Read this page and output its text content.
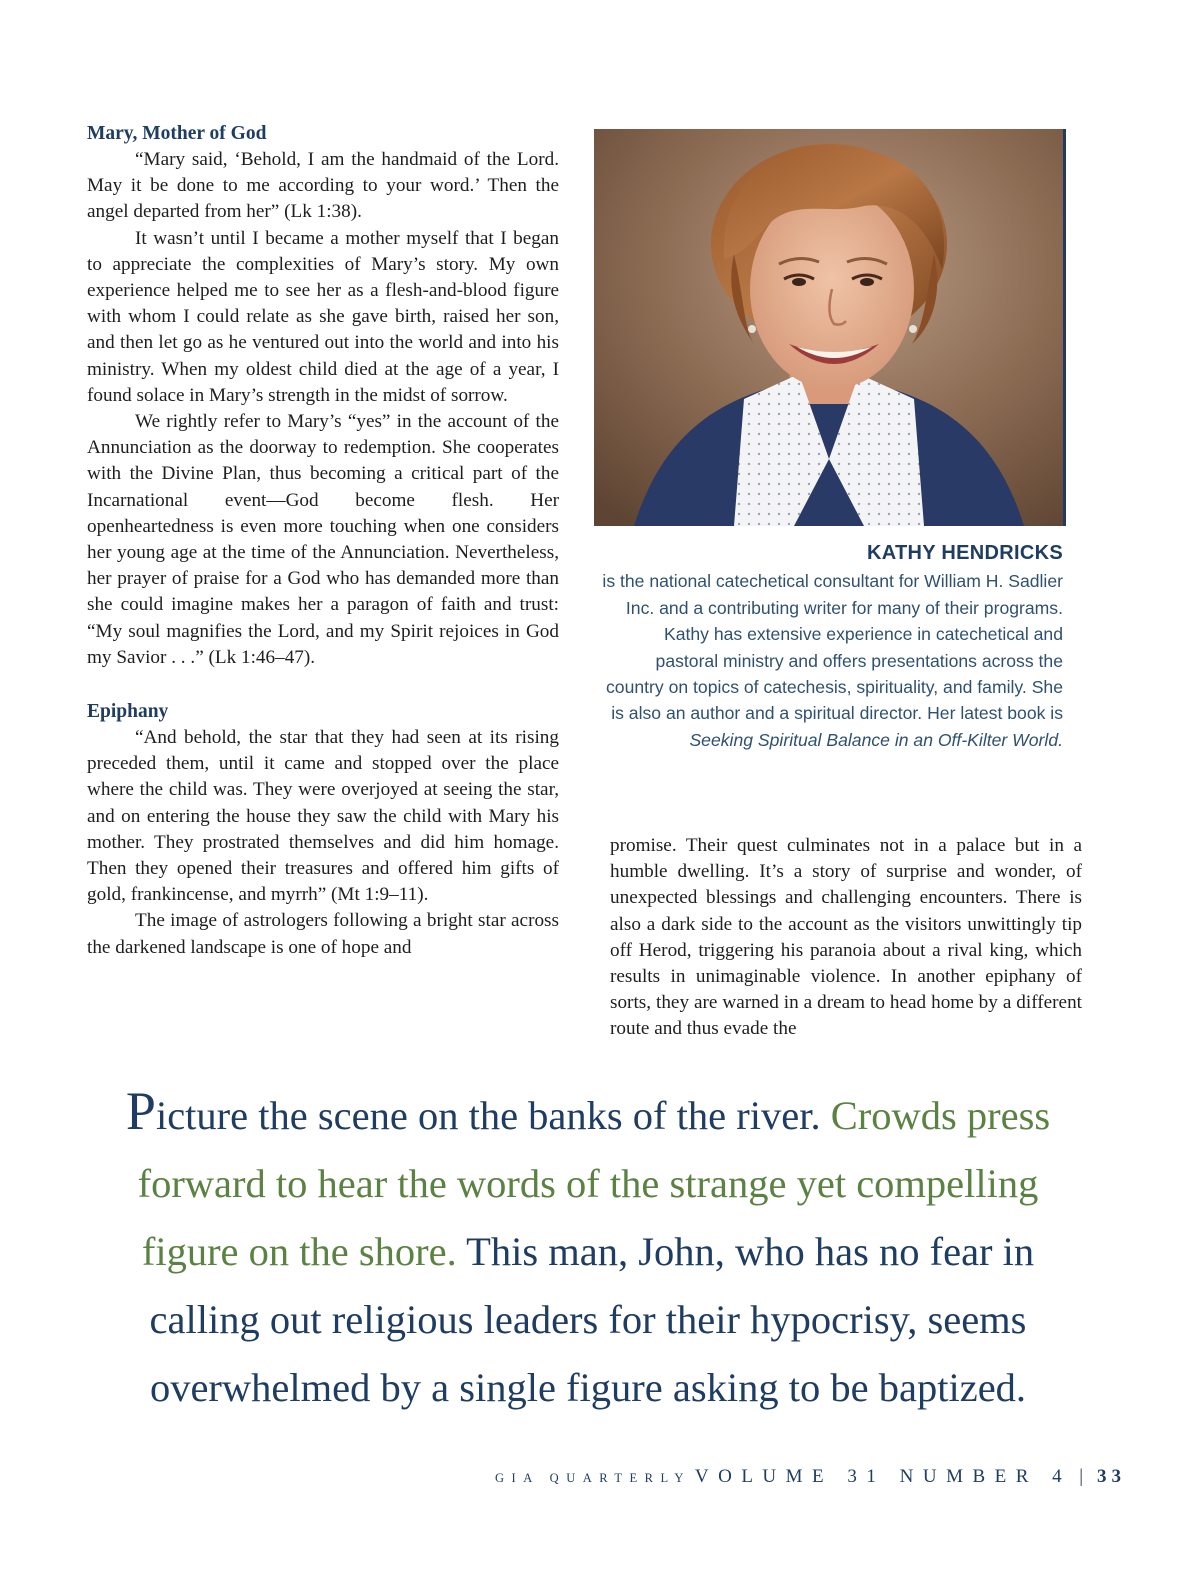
Mary, Mother of God

“Mary said, ‘Behold, I am the handmaid of the Lord. May it be done to me according to your word.’ Then the angel departed from her” (Lk 1:38).

It wasn’t until I became a mother myself that I began to appreciate the complexities of Mary’s story. My own experience helped me to see her as a flesh-and-blood figure with whom I could relate as she gave birth, raised her son, and then let go as he ventured out into the world and into his ministry. When my oldest child died at the age of a year, I found solace in Mary’s strength in the midst of sorrow.

We rightly refer to Mary’s “yes” in the account of the Annunciation as the doorway to redemption. She cooperates with the Divine Plan, thus becoming a critical part of the Incarnational event—God become flesh. Her openheartedness is even more touching when one considers her young age at the time of the Annunciation. Nevertheless, her prayer of praise for a God who has demanded more than she could imagine makes her a paragon of faith and trust: “My soul magnifies the Lord, and my Spirit rejoices in God my Savior . . .” (Lk 1:46–47).

Epiphany

“And behold, the star that they had seen at its rising preceded them, until it came and stopped over the place where the child was. They were overjoyed at seeing the star, and on entering the house they saw the child with Mary his mother. They prostrated themselves and did him homage. Then they opened their treasures and offered him gifts of gold, frankincense, and myrrh” (Mt 1:9–11).

The image of astrologers following a bright star across the darkened landscape is one of hope and

KATHY HENDRICKS
is the national catechetical consultant for William H. Sadlier Inc. and a contributing writer for many of their programs. Kathy has extensive experience in catechetical and pastoral ministry and offers presentations across the country on topics of catechesis, spirituality, and family. She is also an author and a spiritual director. Her latest book is Seeking Spiritual Balance in an Off-Kilter World.

promise. Their quest culminates not in a palace but in a humble dwelling. It’s a story of surprise and wonder, of unexpected blessings and challenging encounters. There is also a dark side to the account as the visitors unwittingly tip off Herod, triggering his paranoia about a rival king, which results in unimaginable violence. In another epiphany of sorts, they are warned in a dream to head home by a different route and thus evade the

Picture the scene on the banks of the river. Crowds press forward to hear the words of the strange yet compelling figure on the shore. This man, John, who has no fear in calling out religious leaders for their hypocrisy, seems overwhelmed by a single figure asking to be baptized.
GIA QUARTERLY VOLUME 31 NUMBER 4 | 33
